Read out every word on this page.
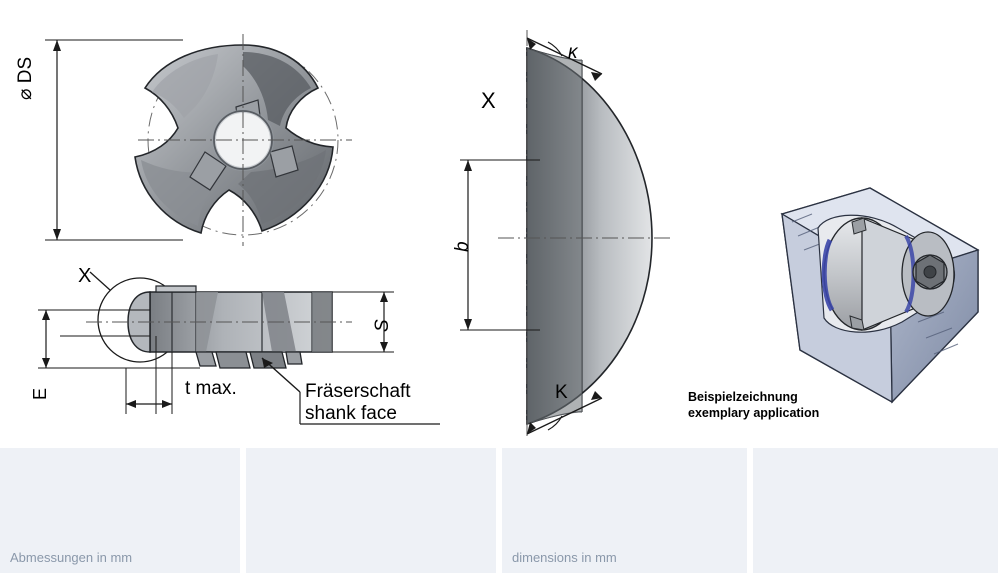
⌀ DS
X
X
κ
K
b
S
E	t max.	Fräserschaft
shank face
Beispielzeichnung
exemplary application
Abmessungen in mm	dimensions in mm
